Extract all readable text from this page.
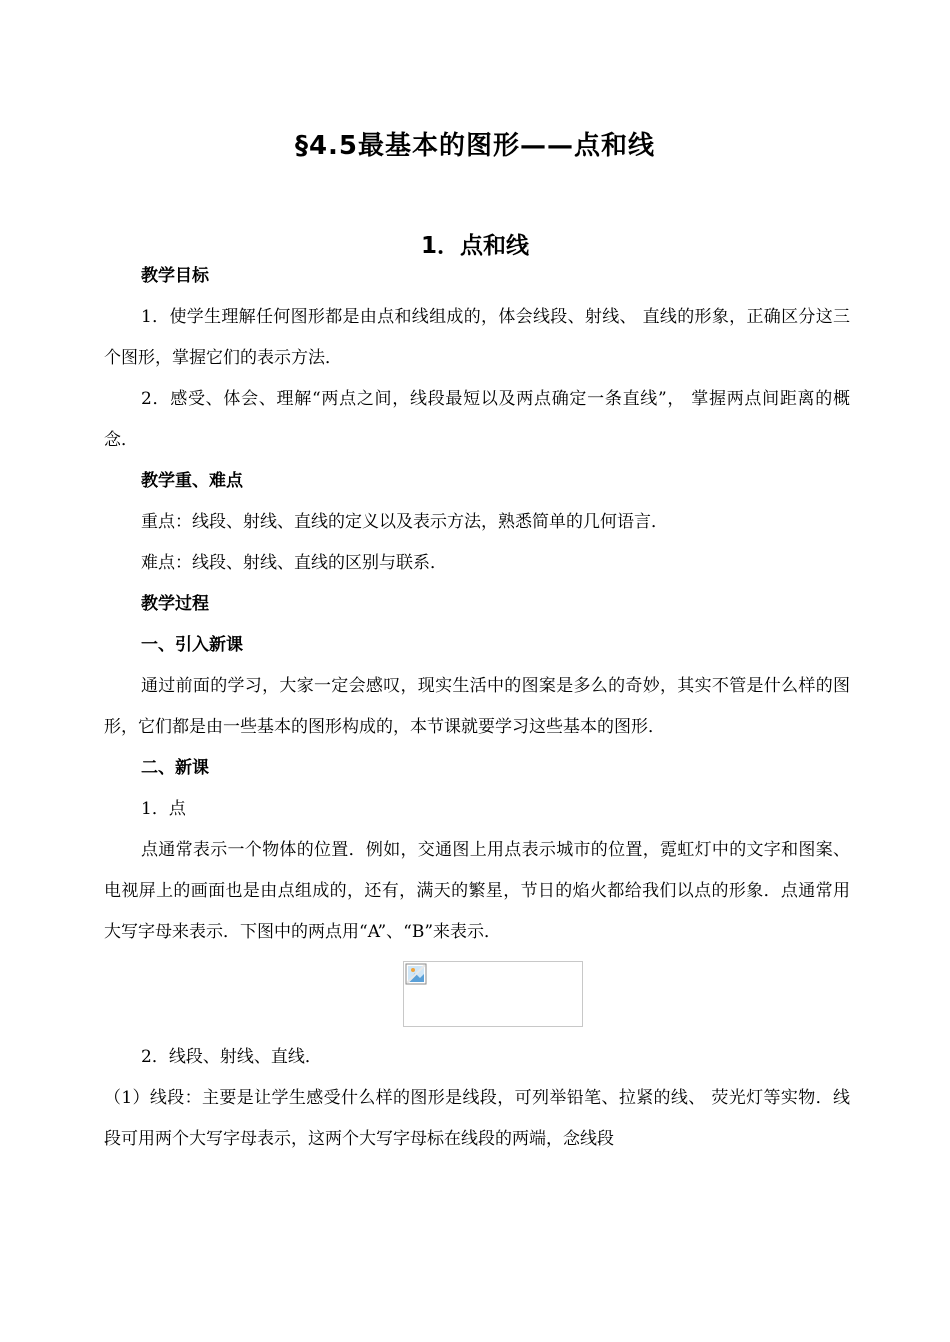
§4.5最基本的图形——点和线
1．点和线

教学目标

1．使学生理解任何图形都是由点和线组成的，体会线段、射线、 直线的形象，正确区分这三个图形，掌握它们的表示方法．

2．感受、体会、理解“两点之间，线段最短以及两点确定一条直线”， 掌握两点间距离的概念．

教学重、难点

重点：线段、射线、直线的定义以及表示方法，熟悉简单的几何语言．

难点：线段、射线、直线的区别与联系．

教学过程

一、引入新课

通过前面的学习，大家一定会感叹，现实生活中的图案是多么的奇妙，其实不管是什么样的图形，它们都是由一些基本的图形构成的，本节课就要学习这些基本的图形．

二、新课

1．点

点通常表示一个物体的位置．例如，交通图上用点表示城市的位置，霓虹灯中的文字和图案、电视屏上的画面也是由点组成的，还有，满天的繁星，节日的焰火都给我们以点的形象．点通常用大写字母来表示．下图中的两点用“A”、“B”来表示．

2．线段、射线、直线．

（1）线段：主要是让学生感受什么样的图形是线段，可列举铅笔、拉紧的线、 荧光灯等实物．线段可用两个大写字母表示，这两个大写字母标在线段的两端，念线段
